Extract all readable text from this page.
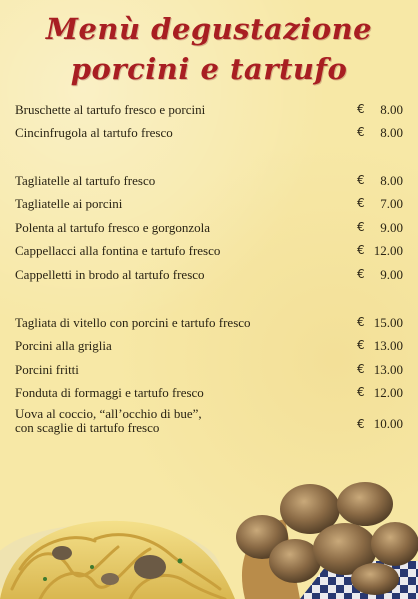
Menù degustazione
porcini e tartufo
Bruschette al tartufo fresco e porcini	€ 8.00
Cincinfrugola al tartufo fresco	€ 8.00
Tagliatelle al tartufo fresco	€ 8.00
Tagliatelle ai porcini	€ 7.00
Polenta al tartufo fresco e gorgonzola	€ 9.00
Cappellacci alla fontina e tartufo fresco	€ 12.00
Cappelletti in brodo al tartufo fresco	€ 9.00
Tagliata di vitello con porcini e tartufo fresco	€ 15.00
Porcini alla griglia	€ 13.00
Porcini fritti	€ 13.00
Fonduta di formaggi e tartufo fresco	€ 12.00
Uova al coccio, “all’occhio di bue”,
con scaglie di tartufo fresco	€ 10.00
